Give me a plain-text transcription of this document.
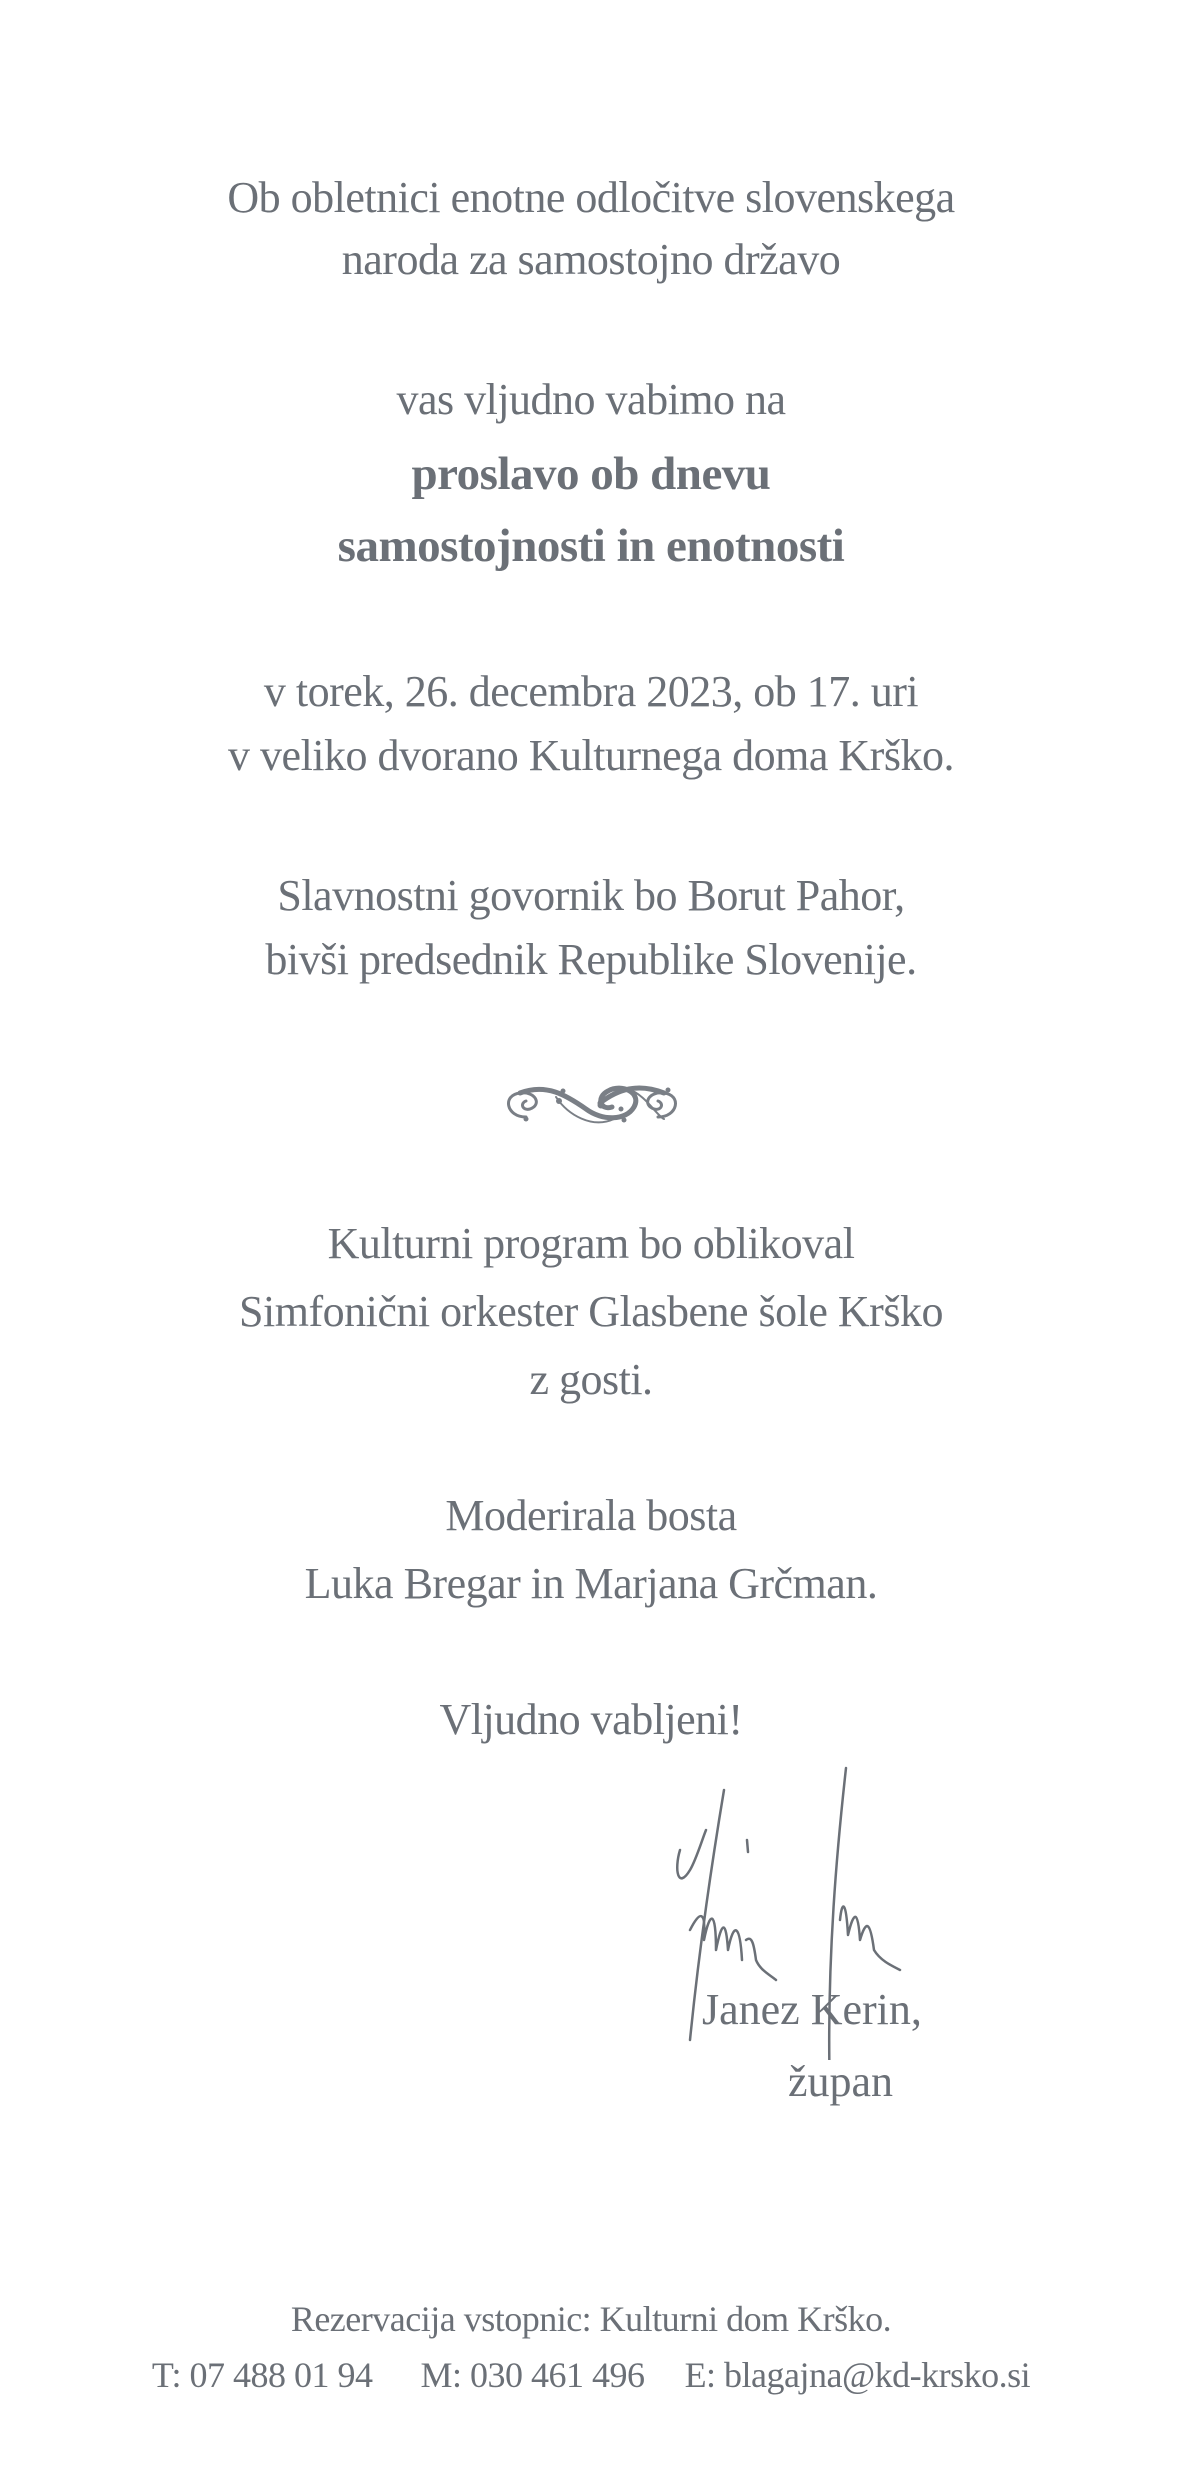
Ob obletnici enotne odločitve slovenskega
naroda za samostojno državo
vas vljudno vabimo na
proslavo ob dnevu
samostojnosti in enotnosti
v torek, 26. decembra 2023, ob 17. uri
v veliko dvorano Kulturnega doma Krško.
Slavnostni govornik bo Borut Pahor,
bivši predsednik Republike Slovenije.
Kulturni program bo oblikoval
Simfonični orkester Glasbene šole Krško
z gosti.
Moderirala bosta
Luka Bregar in Marjana Grčman.
Vljudno vabljeni!
Janez Kerin,
župan
Rezervacija vstopnic: Kulturni dom Krško.
T: 07 488 01 94 M: 030 461 496 E: blagajna@kd-krsko.si
